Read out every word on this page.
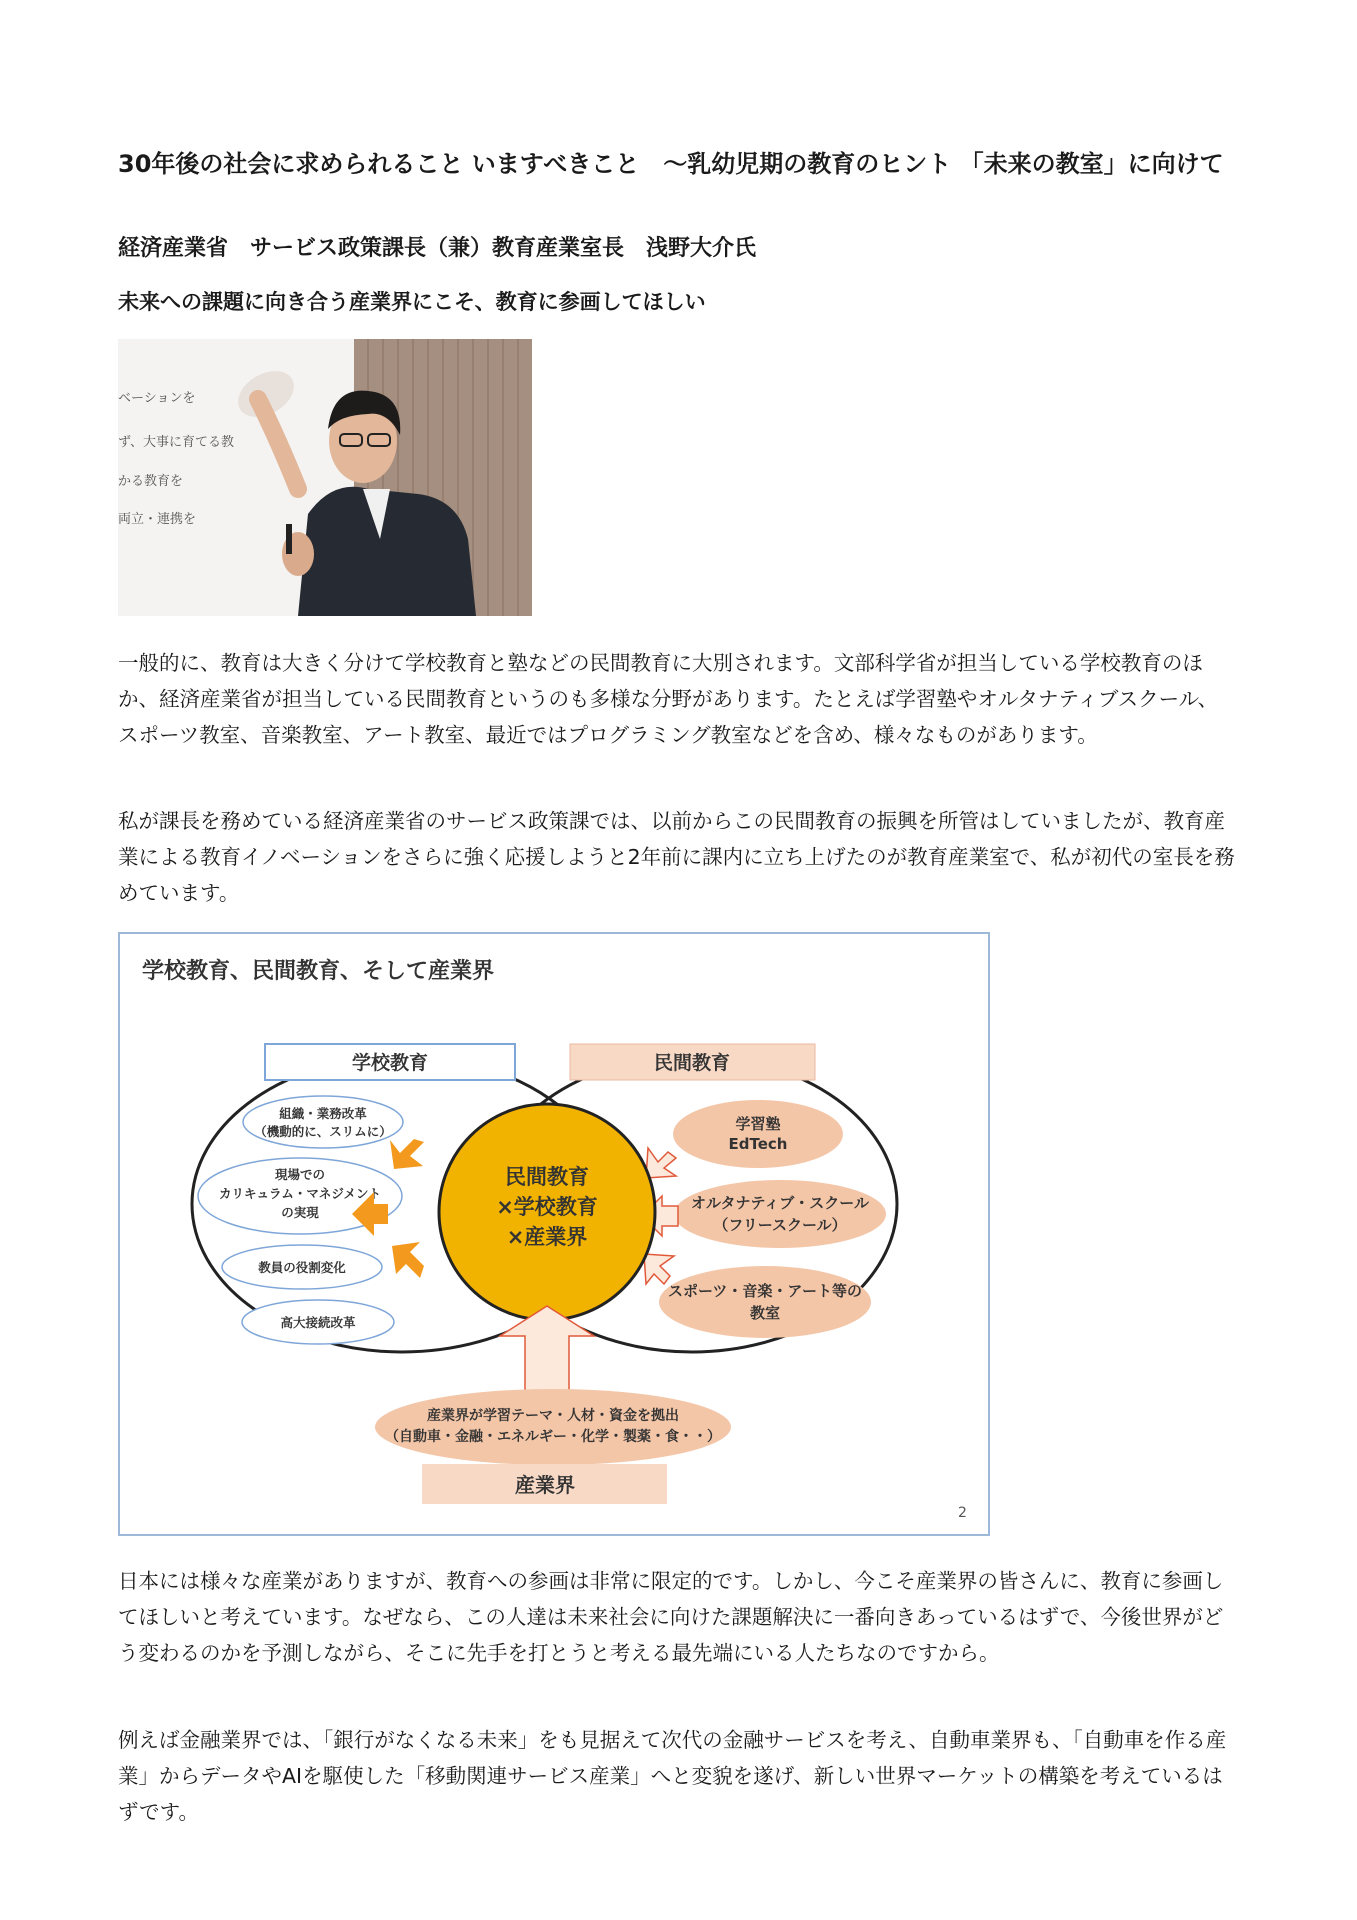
30年後の社会に求められること いますべきこと　～乳幼児期の教育のヒント 「未来の教室」に向けて

経済産業省　サービス政策課長（兼）教育産業室長　浅野大介氏

未来への課題に向き合う産業界にこそ、教育に参画してほしい

ベーションを
ず、大事に育てる教
かる教育を
両立・連携を

一般的に、教育は大きく分けて学校教育と塾などの民間教育に大別されます。文部科学省が担当している学校教育のほか、経済産業省が担当している民間教育というのも多様な分野があります。たとえば学習塾やオルタナティブスクール、スポーツ教室、音楽教室、アート教室、最近ではプログラミング教室などを含め、様々なものがあります。

私が課長を務めている経済産業省のサービス政策課では、以前からこの民間教育の振興を所管はしていましたが、教育産業による教育イノベーションをさらに強く応援しようと2年前に課内に立ち上げたのが教育産業室で、私が初代の室長を務めています。

学校教育、民間教育、そして産業界
学校教育	民間教育
組織・業務改革
（機動的に、スリムに）
現場での
カリキュラム・マネジメント
の実現
教員の役割変化
高大接続改革
学習塾
EdTech
オルタナティブ・スクール
（フリースクール）
スポーツ・音楽・アート等の
教室
民間教育
×学校教育
×産業界
産業界が学習テーマ・人材・資金を拠出
（自動車・金融・エネルギー・化学・製薬・食・・）
産業界
2

日本には様々な産業がありますが、教育への参画は非常に限定的です。しかし、今こそ産業界の皆さんに、教育に参画してほしいと考えています。なぜなら、この人達は未来社会に向けた課題解決に一番向きあっているはずで、今後世界がどう変わるのかを予測しながら、そこに先手を打とうと考える最先端にいる人たちなのですから。

例えば金融業界では、「銀行がなくなる未来」をも見据えて次代の金融サービスを考え、自動車業界も、「自動車を作る産業」からデータやAIを駆使した「移動関連サービス産業」へと変貌を遂げ、新しい世界マーケットの構築を考えているはずです。
